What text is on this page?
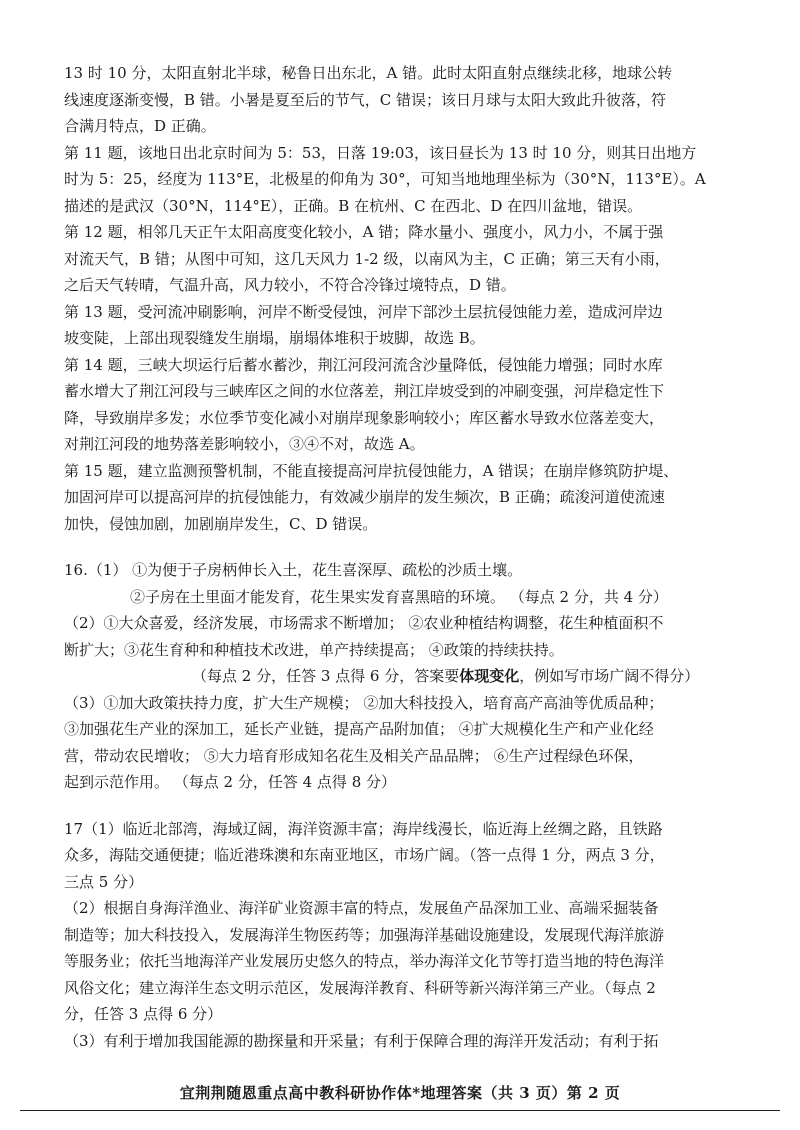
13 时 10 分，太阳直射北半球，秘鲁日出东北，A 错。此时太阳直射点继续北移，地球公转

线速度逐渐变慢，B 错。小暑是夏至后的节气，C 错误；该日月球与太阳大致此升彼落，符

合满月特点，D 正确。

第 11 题，该地日出北京时间为 5：53，日落 19:03，该日昼长为 13 时 10 分，则其日出地方

时为 5：25，经度为 113°E，北极星的仰角为 30°，可知当地地理坐标为（30°N，113°E）。A

描述的是武汉（30°N，114°E），正确。B 在杭州、C 在西北、D 在四川盆地，错误。

第 12 题，相邻几天正午太阳高度变化较小，A 错；降水量小、强度小，风力小，不属于强

对流天气，B 错；从图中可知，这几天风力 1-2 级，以南风为主，C 正确；第三天有小雨，

之后天气转晴，气温升高，风力较小，不符合冷锋过境特点，D 错。

第 13 题，受河流冲刷影响，河岸不断受侵蚀，河岸下部沙土层抗侵蚀能力差，造成河岸边

坡变陡，上部出现裂缝发生崩塌，崩塌体堆积于坡脚，故选 B。

第 14 题，三峡大坝运行后蓄水蓄沙，荆江河段河流含沙量降低，侵蚀能力增强；同时水库

蓄水增大了荆江河段与三峡库区之间的水位落差，荆江岸坡受到的冲刷变强，河岸稳定性下

降，导致崩岸多发；水位季节变化减小对崩岸现象影响较小；库区蓄水导致水位落差变大，

对荆江河段的地势落差影响较小，③④不对，故选 A。

第 15 题，建立监测预警机制，不能直接提高河岸抗侵蚀能力，A 错误；在崩岸修筑防护堤、

加固河岸可以提高河岸的抗侵蚀能力，有效减少崩岸的发生频次，B 正确；疏浚河道使流速

加快，侵蚀加剧，加剧崩岸发生，C、D 错误。

16.（1） ①为便于子房柄伸长入土，花生喜深厚、疏松的沙质土壤。

②子房在土里面才能发育，花生果实发育喜黑暗的环境。 （每点 2 分，共 4 分）

（2）①大众喜爱，经济发展，市场需求不断增加； ②农业种植结构调整，花生种植面积不

断扩大；③花生育种和种植技术改进，单产持续提高； ④政策的持续扶持。

（每点 2 分，任答 3 点得 6 分，答案要体现变化，例如写市场广阔不得分）

（3）①加大政策扶持力度，扩大生产规模； ②加大科技投入，培育高产高油等优质品种；

③加强花生产业的深加工，延长产业链，提高产品附加值； ④扩大规模化生产和产业化经

营，带动农民增收； ⑤大力培育形成知名花生及相关产品品牌； ⑥生产过程绿色环保，

起到示范作用。 （每点 2 分，任答 4 点得 8 分）

17（1）临近北部湾，海域辽阔，海洋资源丰富；海岸线漫长，临近海上丝绸之路，且铁路

众多，海陆交通便捷；临近港珠澳和东南亚地区，市场广阔。（答一点得 1 分，两点 3 分，

三点 5 分）

（2）根据自身海洋渔业、海洋矿业资源丰富的特点，发展鱼产品深加工业、高端采掘装备

制造等；加大科技投入，发展海洋生物医药等；加强海洋基础设施建设，发展现代海洋旅游

等服务业；依托当地海洋产业发展历史悠久的特点，举办海洋文化节等打造当地的特色海洋

风俗文化；建立海洋生态文明示范区，发展海洋教育、科研等新兴海洋第三产业。（每点 2

分，任答 3 点得 6 分）

（3）有利于增加我国能源的勘探量和开采量；有利于保障合理的海洋开发活动；有利于拓

宜荆荆随恩重点高中教科研协作体*地理答案（共 3 页）第 2 页
